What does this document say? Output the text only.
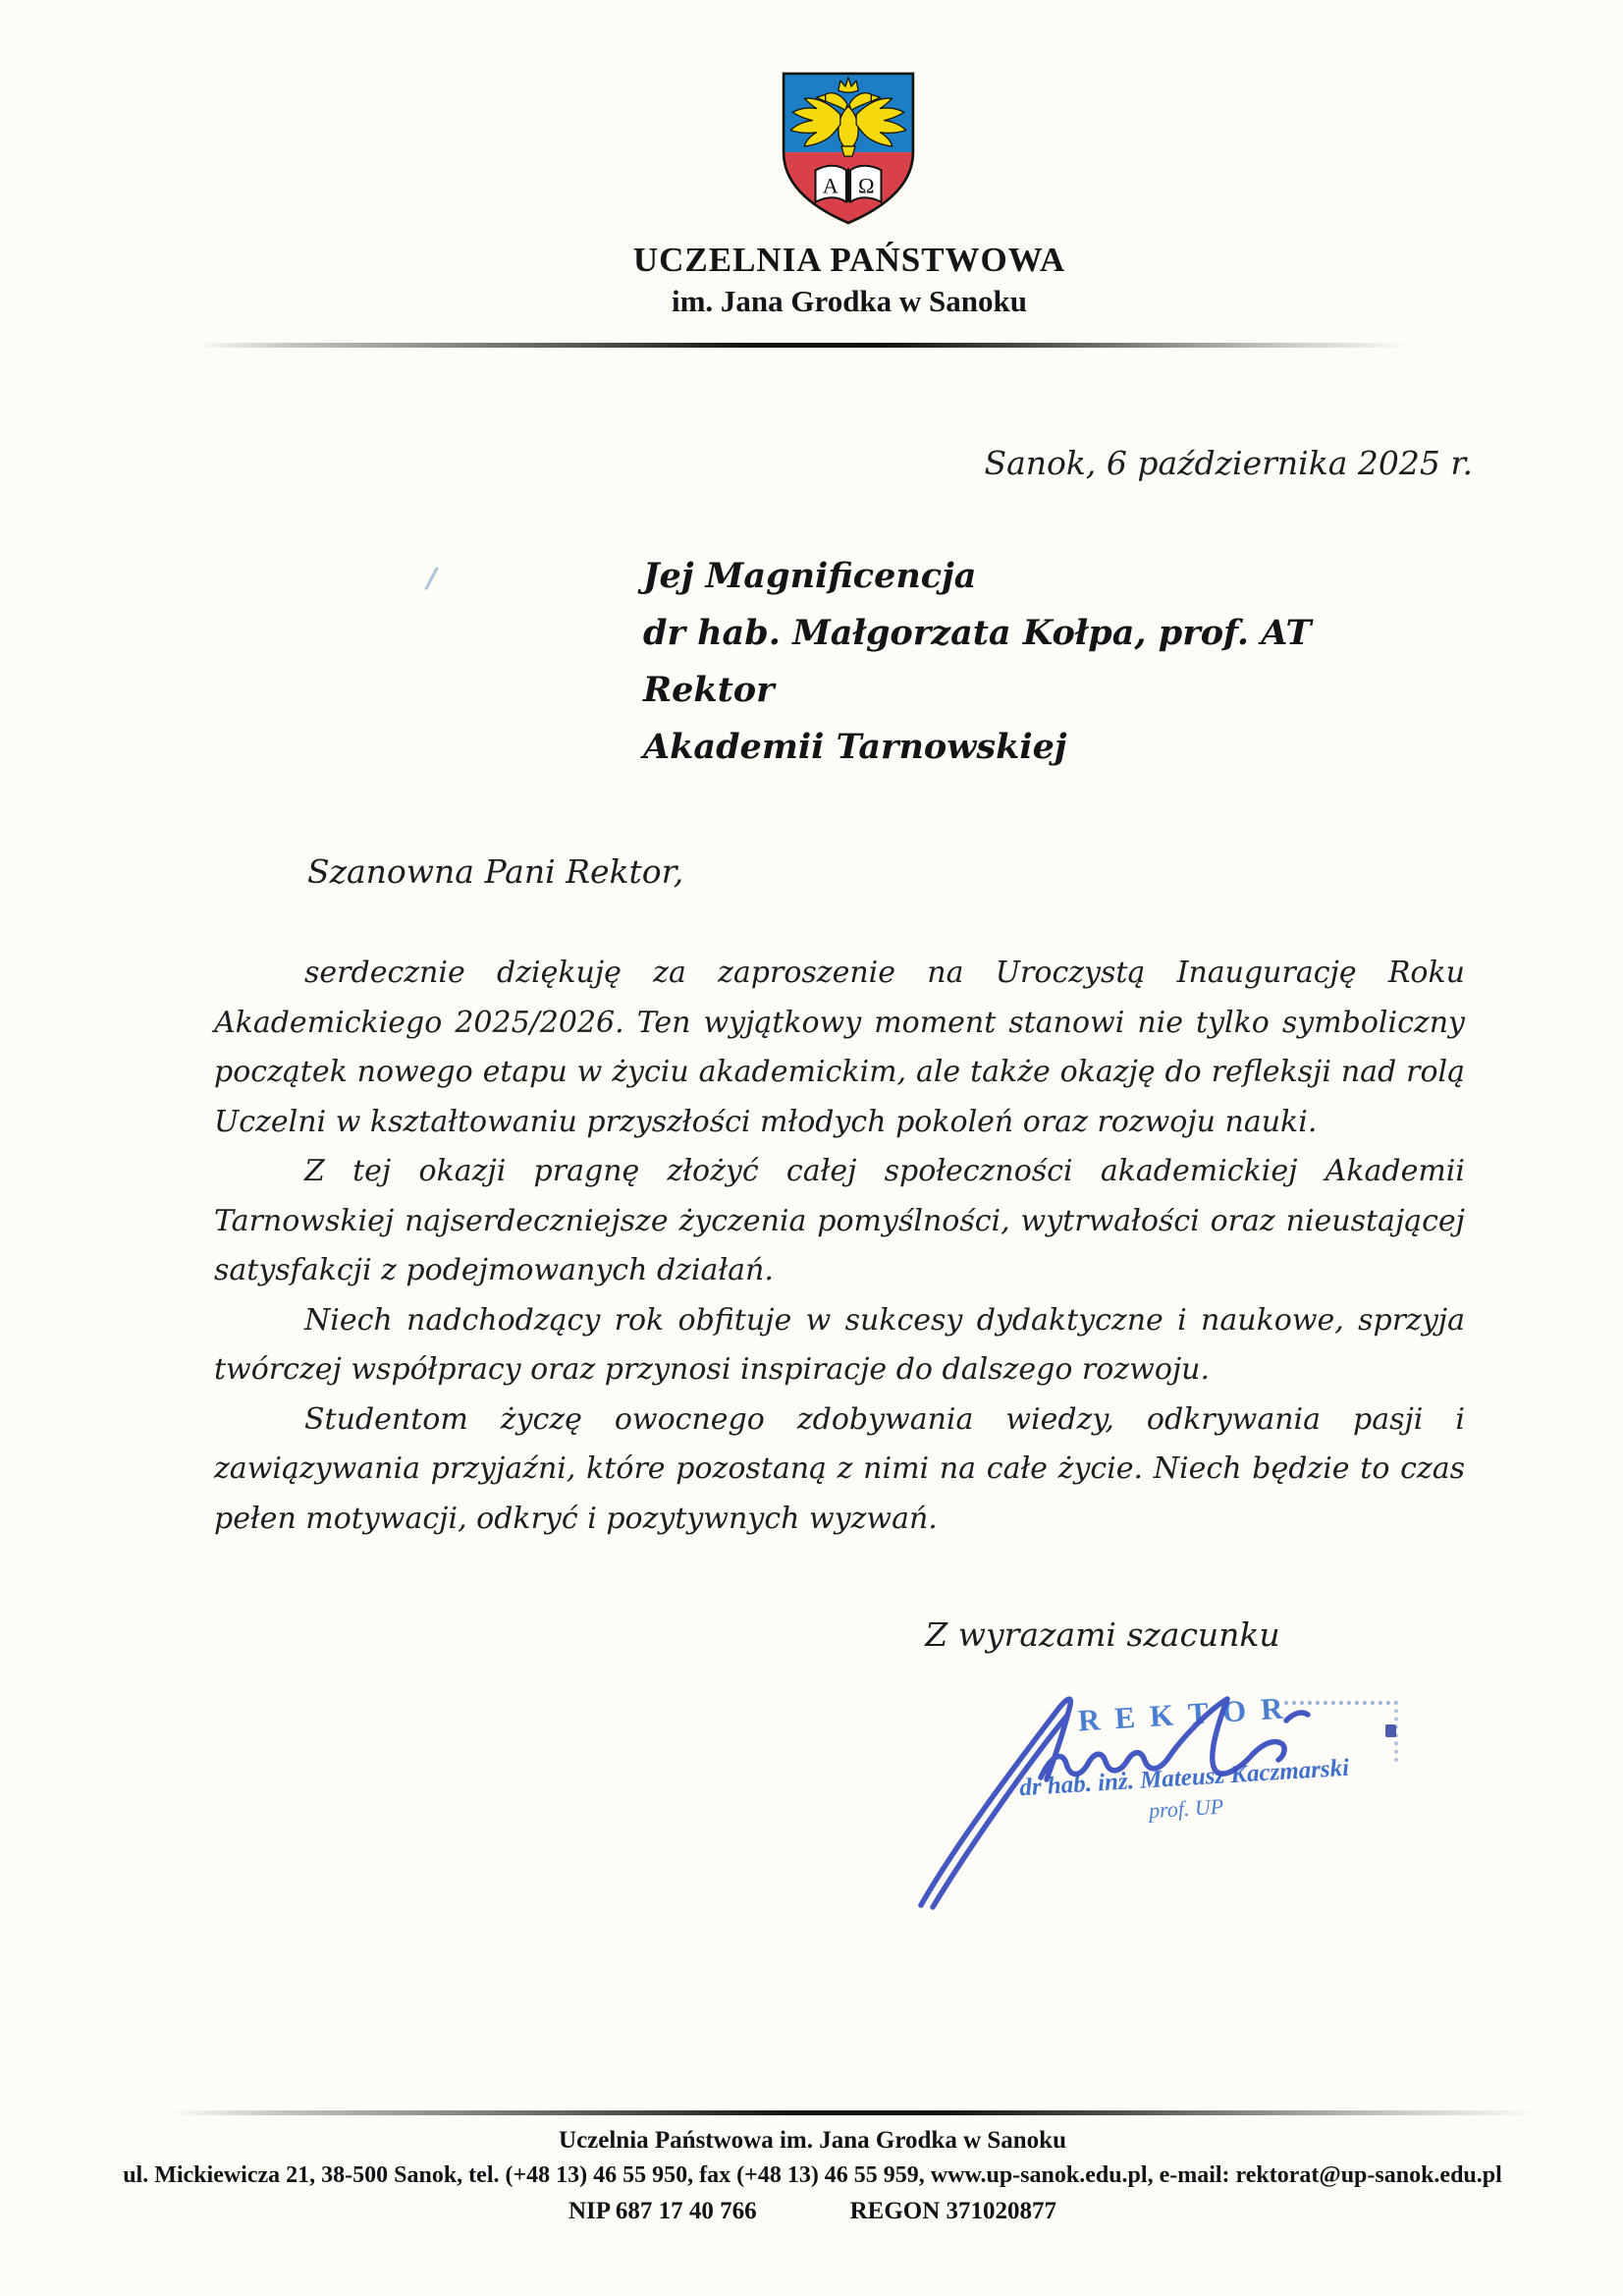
Α Ω
UCZELNIA PAŃSTWOWA
im. Jana Grodka w Sanoku
Sanok, 6 października 2025 r.
Jej Magnificencja
dr hab. Małgorzata Kołpa, prof. AT
Rektor
Akademii Tarnowskiej
Szanowna Pani Rektor,

serdecznie dziękuję za zaproszenie na Uroczystą Inaugurację Roku Akademickiego 2025/2026. Ten wyjątkowy moment stanowi nie tylko symboliczny początek nowego etapu w życiu akademickim, ale także okazję do refleksji nad rolą Uczelni w kształtowaniu przyszłości młodych pokoleń oraz rozwoju nauki.

Z tej okazji pragnę złożyć całej społeczności akademickiej Akademii Tarnowskiej najserdeczniejsze życzenia pomyślności, wytrwałości oraz nieustającej satysfakcji z podejmowanych działań.

Niech nadchodzący rok obfituje w sukcesy dydaktyczne i naukowe, sprzyja twórczej współpracy oraz przynosi inspiracje do dalszego rozwoju.

Studentom życzę owocnego zdobywania wiedzy, odkrywania pasji i zawiązywania przyjaźni, które pozostaną z nimi na całe życie. Niech będzie to czas pełen motywacji, odkryć i pozytywnych wyzwań.

Z wyrazami szacunku
REKTOR
dr hab. inż. Mateusz Kaczmarski
prof. UP
Uczelnia Państwowa im. Jana Grodka w Sanoku
ul. Mickiewicza 21, 38-500 Sanok, tel. (+48 13) 46 55 950, fax (+48 13) 46 55 959, www.up-sanok.edu.pl, e-mail: rektorat@up-sanok.edu.pl
NIP 687 17 40 766	REGON 371020877
